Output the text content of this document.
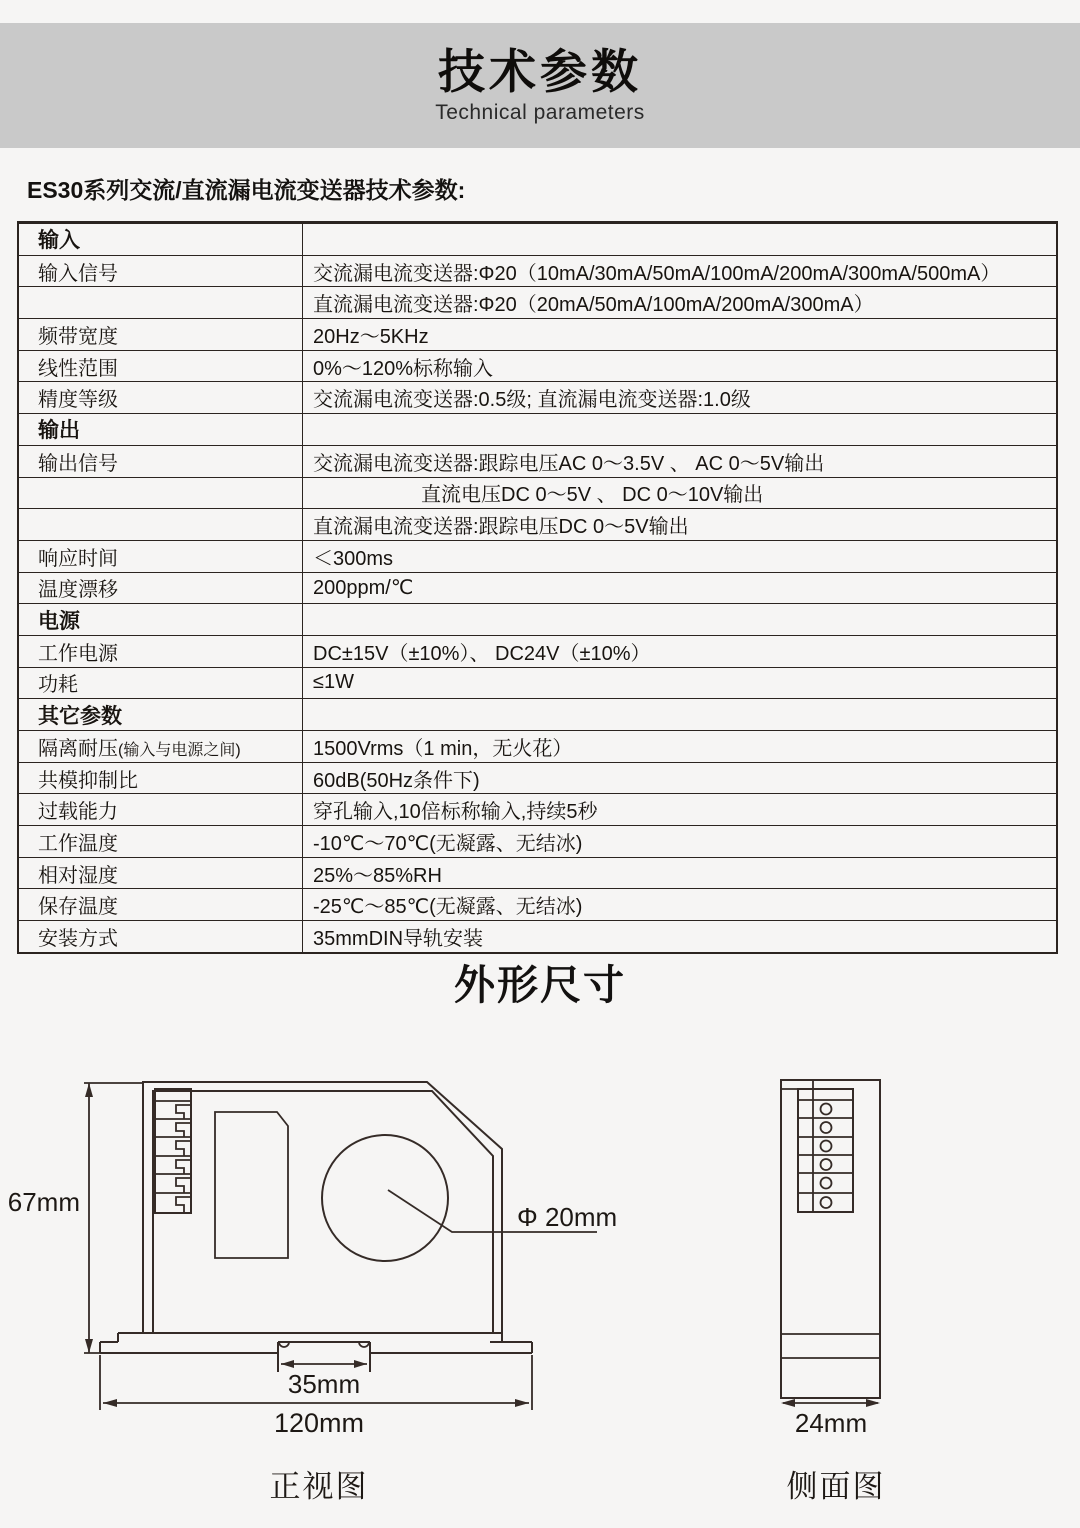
技术参数
Technical parameters
ES30系列交流/直流漏电流变送器技术参数:
输入	
输入信号	交流漏电流变送器:Φ20（10mA/30mA/50mA/100mA/200mA/300mA/500mA）
	直流漏电流变送器:Φ20（20mA/50mA/100mA/200mA/300mA）
频带宽度	20Hz～5KHz
线性范围	0%～120%标称输入
精度等级	交流漏电流变送器:0.5级; 直流漏电流变送器:1.0级
输出	
输出信号	交流漏电流变送器:跟踪电压AC 0～3.5V 、 AC 0～5V输出
	直流电压DC 0～5V 、 DC 0～10V输出
	直流漏电流变送器:跟踪电压DC 0～5V输出
响应时间	＜300ms
温度漂移	200ppm/℃
电源	
工作电源	DC±15V（±10%）、 DC24V（±10%）
功耗	≤1W
其它参数	
隔离耐压(输入与电源之间)	1500Vrms（1 min，无火花）
共模抑制比	60dB(50Hz条件下)
过载能力	穿孔输入,10倍标称输入,持续5秒
工作温度	-10℃～70℃(无凝露、无结冰)
相对湿度	25%～85%RH
保存温度	-25℃～85℃(无凝露、无结冰)
安装方式	35mmDIN导轨安装
外形尺寸
67mm
35mm
120mm
Φ 20mm
正视图
24mm
侧面图
